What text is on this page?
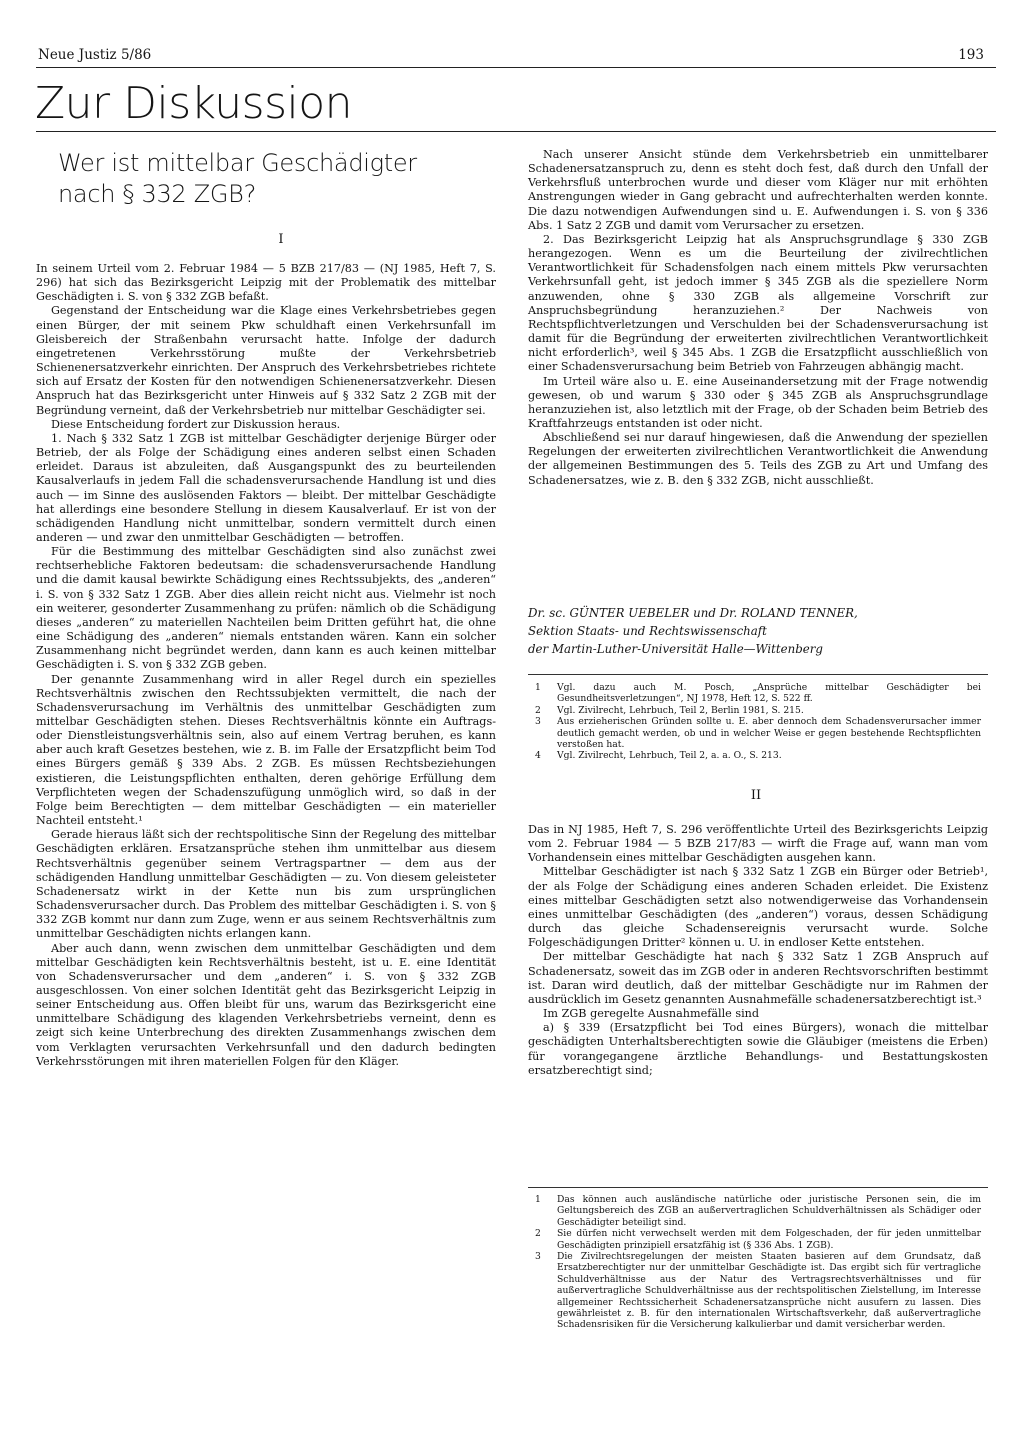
Neue Justiz 5/86	193
Zur Diskussion
Wer ist mittelbar Geschädigter nach § 332 ZGB?
I

In seinem Urteil vom 2. Februar 1984 — 5 BZB 217/83 — (NJ 1985, Heft 7, S. 296) hat sich das Bezirksgericht Leipzig mit der Problematik des mittelbar Geschädigten i. S. von § 332 ZGB befaßt.

Gegenstand der Entscheidung war die Klage eines Verkehrsbetriebes gegen einen Bürger, der mit seinem Pkw schuldhaft einen Verkehrsunfall im Gleisbereich der Straßenbahn verursacht hatte. Infolge der dadurch eingetretenen Verkehrsstörung mußte der Verkehrsbetrieb Schienenersatzverkehr einrichten. Der Anspruch des Verkehrsbetriebes richtete sich auf Ersatz der Kosten für den notwendigen Schienenersatzverkehr. Diesen Anspruch hat das Bezirksgericht unter Hinweis auf § 332 Satz 2 ZGB mit der Begründung verneint, daß der Verkehrsbetrieb nur mittelbar Geschädigter sei.

Diese Entscheidung fordert zur Diskussion heraus.

1. Nach § 332 Satz 1 ZGB ist mittelbar Geschädigter derjenige Bürger oder Betrieb, der als Folge der Schädigung eines anderen selbst einen Schaden erleidet. Daraus ist abzuleiten, daß Ausgangspunkt des zu beurteilenden Kausalverlaufs in jedem Fall die schadensverursachende Handlung ist und dies auch — im Sinne des auslösenden Faktors — bleibt. Der mittelbar Geschädigte hat allerdings eine besondere Stellung in diesem Kausalverlauf. Er ist von der schädigenden Handlung nicht unmittelbar, sondern vermittelt durch einen anderen — und zwar den unmittelbar Geschädigten — betroffen.

Für die Bestimmung des mittelbar Geschädigten sind also zunächst zwei rechtserhebliche Faktoren bedeutsam: die schadensverursachende Handlung und die damit kausal bewirkte Schädigung eines Rechtssubjekts, des „anderen“ i. S. von § 332 Satz 1 ZGB. Aber dies allein reicht nicht aus. Vielmehr ist noch ein weiterer, gesonderter Zusammenhang zu prüfen: nämlich ob die Schädigung dieses „anderen“ zu materiellen Nachteilen beim Dritten geführt hat, die ohne eine Schädigung des „anderen“ niemals entstanden wären. Kann ein solcher Zusammenhang nicht begründet werden, dann kann es auch keinen mittelbar Geschädigten i. S. von § 332 ZGB geben.

Der genannte Zusammenhang wird in aller Regel durch ein spezielles Rechtsverhältnis zwischen den Rechtssubjekten vermittelt, die nach der Schadensverursachung im Verhältnis des unmittelbar Geschädigten zum mittelbar Geschädigten stehen. Dieses Rechtsverhältnis könnte ein Auftrags- oder Dienstleistungsverhältnis sein, also auf einem Vertrag beruhen, es kann aber auch kraft Gesetzes bestehen, wie z. B. im Falle der Ersatzpflicht beim Tod eines Bürgers gemäß § 339 Abs. 2 ZGB. Es müssen Rechtsbeziehungen existieren, die Leistungspflichten enthalten, deren gehörige Erfüllung dem Verpflichteten wegen der Schadenszufügung unmöglich wird, so daß in der Folge beim Berechtigten — dem mittelbar Geschädigten — ein materieller Nachteil entsteht.¹

Gerade hieraus läßt sich der rechtspolitische Sinn der Regelung des mittelbar Geschädigten erklären. Ersatzansprüche stehen ihm unmittelbar aus diesem Rechtsverhältnis gegenüber seinem Vertragspartner — dem aus der schädigenden Handlung unmittelbar Geschädigten — zu. Von diesem geleisteter Schadenersatz wirkt in der Kette nun bis zum ursprünglichen Schadensverursacher durch. Das Problem des mittelbar Geschädigten i. S. von § 332 ZGB kommt nur dann zum Zuge, wenn er aus seinem Rechtsverhältnis zum unmittelbar Geschädigten nichts erlangen kann.

Aber auch dann, wenn zwischen dem unmittelbar Geschädigten und dem mittelbar Geschädigten kein Rechtsverhältnis besteht, ist u. E. eine Identität von Schadensverursacher und dem „anderen“ i. S. von § 332 ZGB ausgeschlossen. Von einer solchen Identität geht das Bezirksgericht Leipzig in seiner Entscheidung aus. Offen bleibt für uns, warum das Bezirksgericht eine unmittelbare Schädigung des klagenden Verkehrsbetriebs verneint, denn es zeigt sich keine Unterbrechung des direkten Zusammenhangs zwischen dem vom Verklagten verursachten Verkehrsunfall und den dadurch bedingten Verkehrsstörungen mit ihren materiellen Folgen für den Kläger.

Nach unserer Ansicht stünde dem Verkehrsbetrieb ein unmittelbarer Schadenersatzanspruch zu, denn es steht doch fest, daß durch den Unfall der Verkehrsfluß unterbrochen wurde und dieser vom Kläger nur mit erhöhten Anstrengungen wieder in Gang gebracht und aufrechterhalten werden konnte. Die dazu notwendigen Aufwendungen sind u. E. Aufwendungen i. S. von § 336 Abs. 1 Satz 2 ZGB und damit vom Verursacher zu ersetzen.

2. Das Bezirksgericht Leipzig hat als Anspruchsgrundlage § 330 ZGB herangezogen. Wenn es um die Beurteilung der zivilrechtlichen Verantwortlichkeit für Schadensfolgen nach einem mittels Pkw verursachten Verkehrsunfall geht, ist jedoch immer § 345 ZGB als die speziellere Norm anzuwenden, ohne § 330 ZGB als allgemeine Vorschrift zur Anspruchsbegründung heranzuziehen.² Der Nachweis von Rechtspflichtverletzungen und Verschulden bei der Schadensverursachung ist damit für die Begründung der erweiterten zivilrechtlichen Verantwortlichkeit nicht erforderlich³, weil § 345 Abs. 1 ZGB die Ersatzpflicht ausschließlich von einer Schadensverursachung beim Betrieb von Fahrzeugen abhängig macht.

Im Urteil wäre also u. E. eine Auseinandersetzung mit der Frage notwendig gewesen, ob und warum § 330 oder § 345 ZGB als Anspruchsgrundlage heranzuziehen ist, also letztlich mit der Frage, ob der Schaden beim Betrieb des Kraftfahrzeugs entstanden ist oder nicht.

Abschließend sei nur darauf hingewiesen, daß die Anwendung der speziellen Regelungen der erweiterten zivilrechtlichen Verantwortlichkeit die Anwendung der allgemeinen Bestimmungen des 5. Teils des ZGB zu Art und Umfang des Schadenersatzes, wie z. B. den § 332 ZGB, nicht ausschließt.

Dr. sc. GÜNTER UEBELER und Dr. ROLAND TENNER,
Sektion Staats- und Rechtswissenschaft
der Martin-Luther-Universität Halle—Wittenberg
1	Vgl. dazu auch M. Posch, „Ansprüche mittelbar Geschädigter bei Gesundheitsverletzungen“, NJ 1978, Heft 12, S. 522 ff.
2	Vgl. Zivilrecht, Lehrbuch, Teil 2, Berlin 1981, S. 215.
3	Aus erzieherischen Gründen sollte u. E. aber dennoch dem Schadensverursacher immer deutlich gemacht werden, ob und in welcher Weise er gegen bestehende Rechtspflichten verstoßen hat.
4	Vgl. Zivilrecht, Lehrbuch, Teil 2, a. a. O., S. 213.
II

Das in NJ 1985, Heft 7, S. 296 veröffentlichte Urteil des Bezirksgerichts Leipzig vom 2. Februar 1984 — 5 BZB 217/83 — wirft die Frage auf, wann man vom Vorhandensein eines mittelbar Geschädigten ausgehen kann.

Mittelbar Geschädigter ist nach § 332 Satz 1 ZGB ein Bürger oder Betrieb¹, der als Folge der Schädigung eines anderen Schaden erleidet. Die Existenz eines mittelbar Geschädigten setzt also notwendigerweise das Vorhandensein eines unmittelbar Geschädigten (des „anderen“) voraus, dessen Schädigung durch das gleiche Schadensereignis verursacht wurde. Solche Folgeschädigungen Dritter² können u. U. in endloser Kette entstehen.

Der mittelbar Geschädigte hat nach § 332 Satz 1 ZGB Anspruch auf Schadenersatz, soweit das im ZGB oder in anderen Rechtsvorschriften bestimmt ist. Daran wird deutlich, daß der mittelbar Geschädigte nur im Rahmen der ausdrücklich im Gesetz genannten Ausnahmefälle schadenersatzberechtigt ist.³

Im ZGB geregelte Ausnahmefälle sind

a) § 339 (Ersatzpflicht bei Tod eines Bürgers), wonach die mittelbar geschädigten Unterhaltsberechtigten sowie die Gläubiger (meistens die Erben) für vorangegangene ärztliche Behandlungs- und Bestattungskosten ersatzberechtigt sind;

1	Das können auch ausländische natürliche oder juristische Personen sein, die im Geltungsbereich des ZGB an außervertraglichen Schuldverhältnissen als Schädiger oder Geschädigter beteiligt sind.
2	Sie dürfen nicht verwechselt werden mit dem Folgeschaden, der für jeden unmittelbar Geschädigten prinzipiell ersatzfähig ist (§ 336 Abs. 1 ZGB).
3	Die Zivilrechtsregelungen der meisten Staaten basieren auf dem Grundsatz, daß Ersatzberechtigter nur der unmittelbar Geschädigte ist. Das ergibt sich für vertragliche Schuldverhältnisse aus der Natur des Vertragsrechtsverhältnisses und für außervertragliche Schuldverhältnisse aus der rechtspolitischen Zielstellung, im Interesse allgemeiner Rechtssicherheit Schadenersatzansprüche nicht ausufern zu lassen. Dies gewährleistet z. B. für den internationalen Wirtschaftsverkehr, daß außervertragliche Schadensrisiken für die Versicherung kalkulierbar und damit versicherbar werden.
